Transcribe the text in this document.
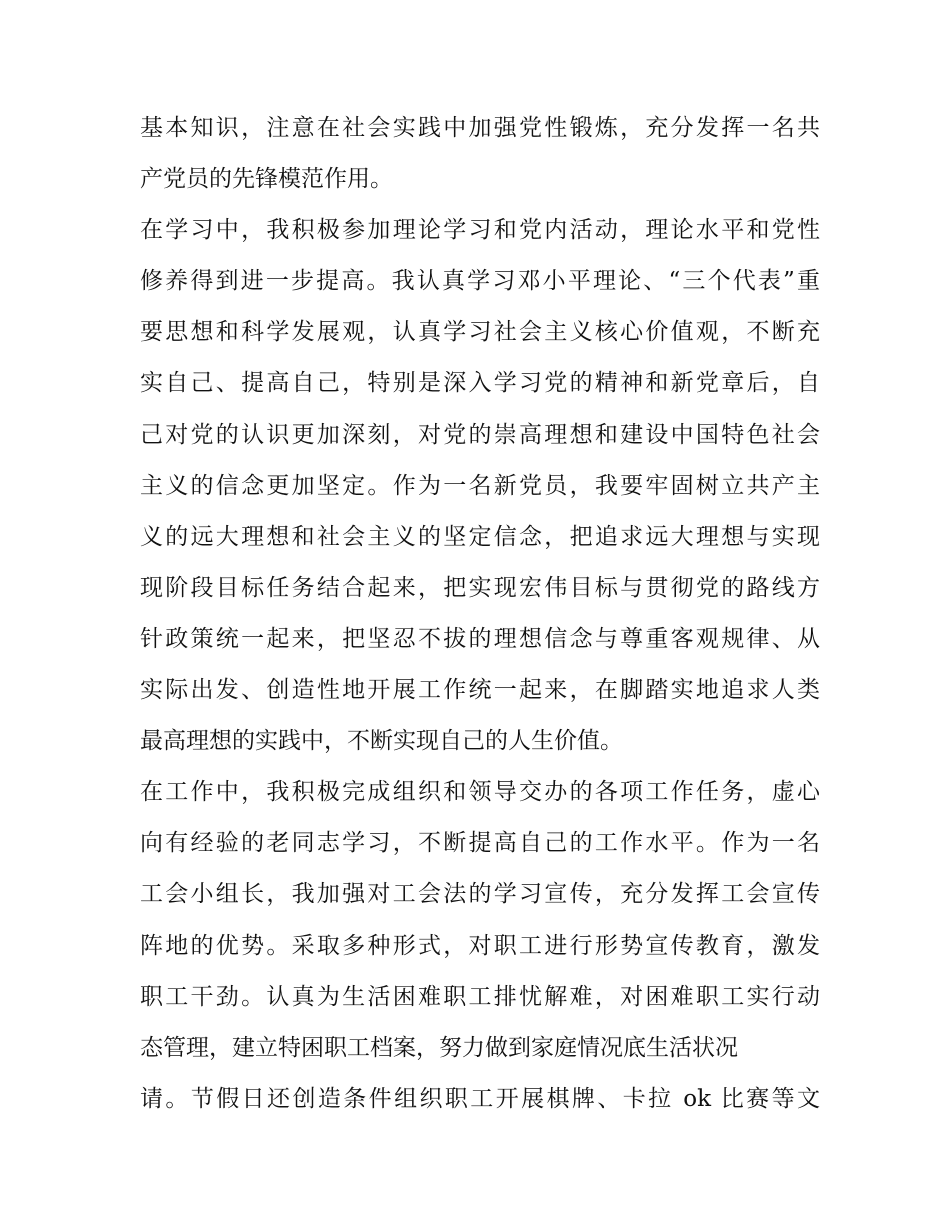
基本知识，注意在社会实践中加强党性锻炼，充分发挥一名共
产党员的先锋模范作用。
在学习中，我积极参加理论学习和党内活动，理论水平和党性
修养得到进一步提高。我认真学习邓小平理论、“三个代表”重
要思想和科学发展观，认真学习社会主义核心价值观，不断充
实自己、提高自己，特别是深入学习党的精神和新党章后，自
己对党的认识更加深刻，对党的崇高理想和建设中国特色社会
主义的信念更加坚定。作为一名新党员，我要牢固树立共产主
义的远大理想和社会主义的坚定信念，把追求远大理想与实现
现阶段目标任务结合起来，把实现宏伟目标与贯彻党的路线方
针政策统一起来，把坚忍不拔的理想信念与尊重客观规律、从
实际出发、创造性地开展工作统一起来，在脚踏实地追求人类
最高理想的实践中，不断实现自己的人生价值。
在工作中，我积极完成组织和领导交办的各项工作任务，虚心
向有经验的老同志学习，不断提高自己的工作水平。作为一名
工会小组长，我加强对工会法的学习宣传，充分发挥工会宣传
阵地的优势。采取多种形式，对职工进行形势宣传教育，激发
职工干劲。认真为生活困难职工排忧解难，对困难职工实行动
态管理，建立特困职工档案，努力做到家庭情况底生活状况
请。节假日还创造条件组织职工开展棋牌、卡拉 ok 比赛等文
